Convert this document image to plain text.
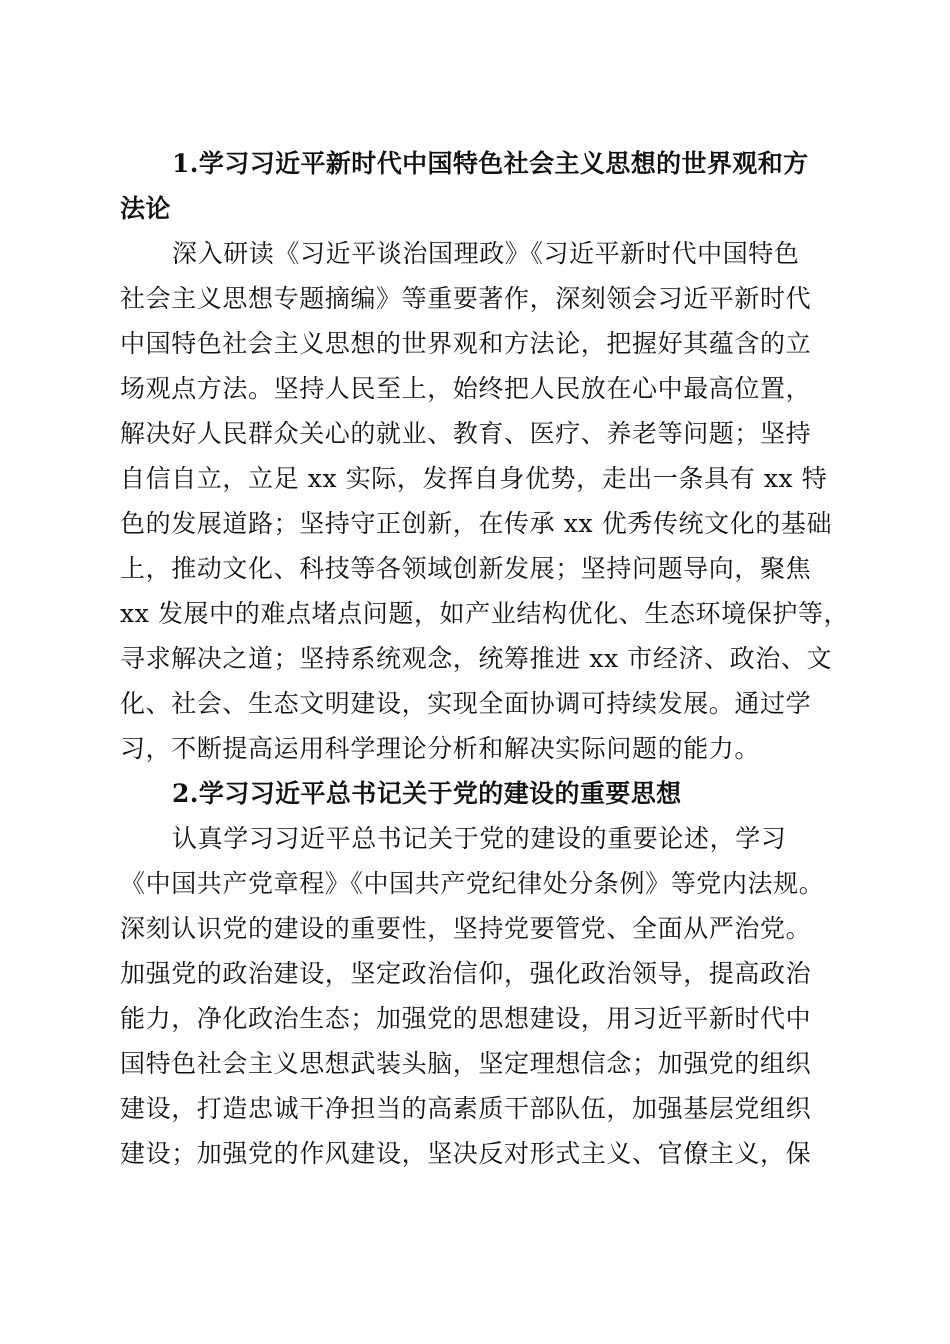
1.学习习近平新时代中国特色社会主义思想的世界观和方
法论
深入研读《习近平谈治国理政》《习近平新时代中国特色
社会主义思想专题摘编》等重要著作，深刻领会习近平新时代
中国特色社会主义思想的世界观和方法论，把握好其蕴含的立
场观点方法。坚持人民至上，始终把人民放在心中最高位置，
解决好人民群众关心的就业、教育、医疗、养老等问题；坚持
自信自立，立足 xx 实际，发挥自身优势，走出一条具有 xx 特
色的发展道路；坚持守正创新，在传承 xx 优秀传统文化的基础
上，推动文化、科技等各领域创新发展；坚持问题导向，聚焦
xx 发展中的难点堵点问题，如产业结构优化、生态环境保护等，
寻求解决之道；坚持系统观念，统筹推进 xx 市经济、政治、文
化、社会、生态文明建设，实现全面协调可持续发展。通过学
习，不断提高运用科学理论分析和解决实际问题的能力。
2.学习习近平总书记关于党的建设的重要思想
认真学习习近平总书记关于党的建设的重要论述，学习
《中国共产党章程》《中国共产党纪律处分条例》等党内法规。
深刻认识党的建设的重要性，坚持党要管党、全面从严治党。
加强党的政治建设，坚定政治信仰，强化政治领导，提高政治
能力，净化政治生态；加强党的思想建设，用习近平新时代中
国特色社会主义思想武装头脑，坚定理想信念；加强党的组织
建设，打造忠诚干净担当的高素质干部队伍，加强基层党组织
建设；加强党的作风建设，坚决反对形式主义、官僚主义，保
